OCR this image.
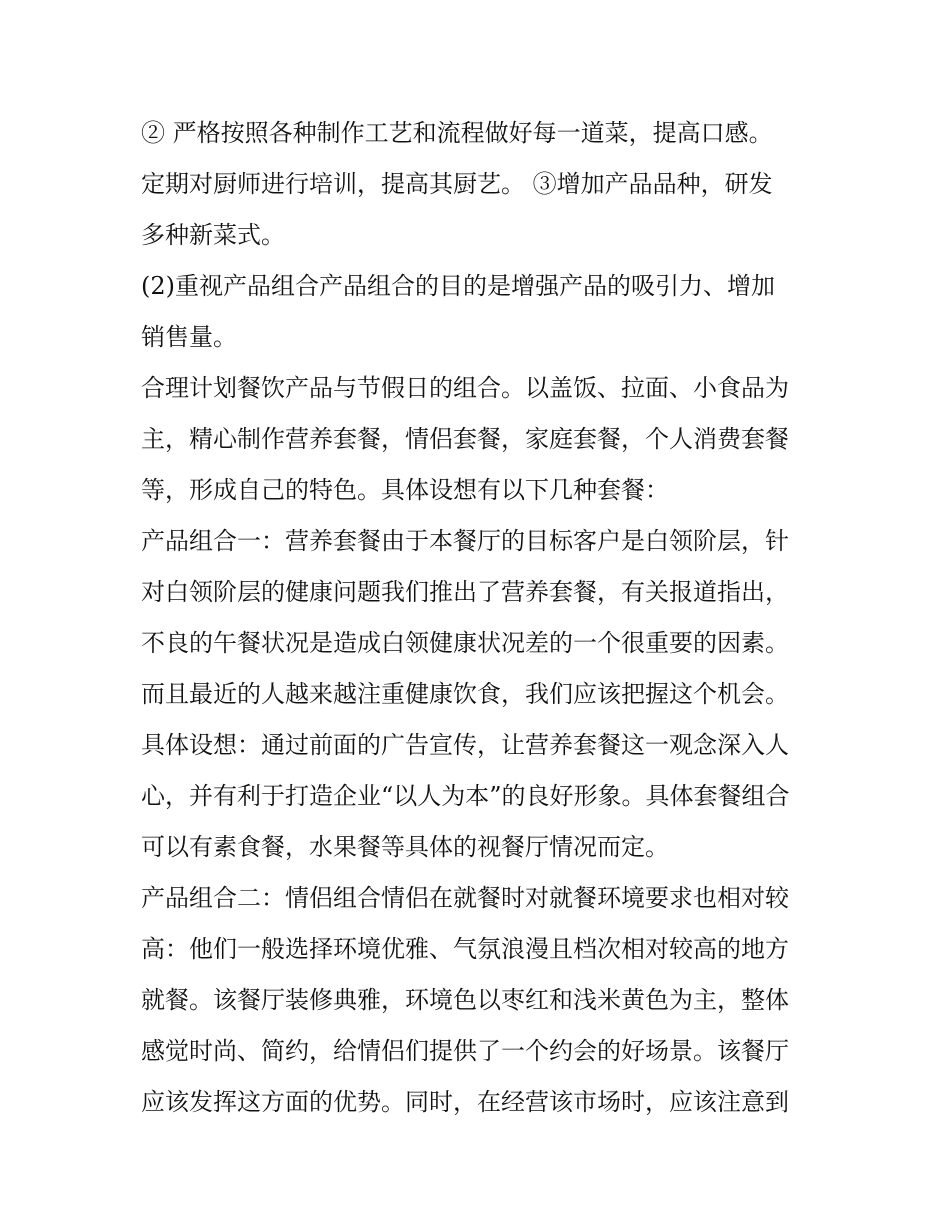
② 严格按照各种制作工艺和流程做好每一道菜，提高口感。
定期对厨师进行培训，提高其厨艺。 ③增加产品品种，研发
多种新菜式。
(2)重视产品组合产品组合的目的是增强产品的吸引力、增加
销售量。
合理计划餐饮产品与节假日的组合。以盖饭、拉面、小食品为
主，精心制作营养套餐，情侣套餐，家庭套餐，个人消费套餐
等，形成自己的特色。具体设想有以下几种套餐：
产品组合一：营养套餐由于本餐厅的目标客户是白领阶层，针
对白领阶层的健康问题我们推出了营养套餐，有关报道指出，
不良的午餐状况是造成白领健康状况差的一个很重要的因素。
而且最近的人越来越注重健康饮食，我们应该把握这个机会。
具体设想：通过前面的广告宣传，让营养套餐这一观念深入人
心，并有利于打造企业“以人为本”的良好形象。具体套餐组合
可以有素食餐，水果餐等具体的视餐厅情况而定。
产品组合二：情侣组合情侣在就餐时对就餐环境要求也相对较
高：他们一般选择环境优雅、气氛浪漫且档次相对较高的地方
就餐。该餐厅装修典雅，环境色以枣红和浅米黄色为主，整体
感觉时尚、简约，给情侣们提供了一个约会的好场景。该餐厅
应该发挥这方面的优势。同时，在经营该市场时，应该注意到
